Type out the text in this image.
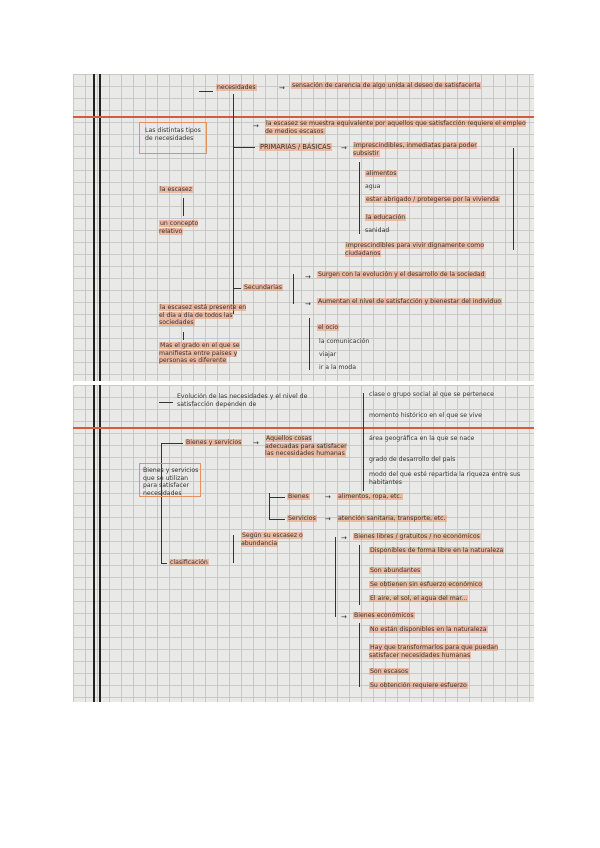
necesidades	→ sensación de carencia de algo unida al deseo de satisfacerla
Las distintas tipos de necesidades
→ la escasez se muestra equivalente por aquellos que satisfacción requiere el empleo de medios escasos
PRIMARIAS / BÁSICAS → imprescindibles, inmediatas para poder subsistir
alimentos
agua
estar abrigado / protegerse por la vivienda
la educación
sanidad
imprescindibles para vivir dignamente como ciudadanos
la escasez
un concepto relativo
Secundarias
→ Surgen con la evolución y el desarrollo de la sociedad
→ Aumentan el nivel de satisfacción y bienestar del individuo
el ocio
la comunicación
viajar
ir a la moda
la escasez está presente en el día a día de todos las sociedades
Mas el grado en el que se manifiesta entre países y personas es diferente
Evolución de las necesidades y el nivel de satisfacción dependen de
clase o grupo social al que se pertenece
momento histórico en el que se vive
área geográfica en la que se nace
grado de desarrollo del país
modo del que esté repartida la riqueza entre sus habitantes
Bienes y servicios →
Aquellos cosas adecuadas para satisfacer las necesidades humanas
Bienes y servicios que se utilizan para satisfacer necesidades	Bienes → alimentos, ropa, etc.
Servicios → atención sanitaria, transporte, etc.
clasificación
Según su escasez o abundancia
→ Bienes libres / gratuitos / no económicos
Disponibles de forma libre en la naturaleza
Son abundantes
Se obtienen sin esfuerzo económico
El aire, el sol, el agua del mar...
→ Bienes económicos
No están disponibles en la naturaleza
Hay que transformarlos para que puedan satisfacer necesidades humanas
Son escasos
Su obtención requiere esfuerzo
